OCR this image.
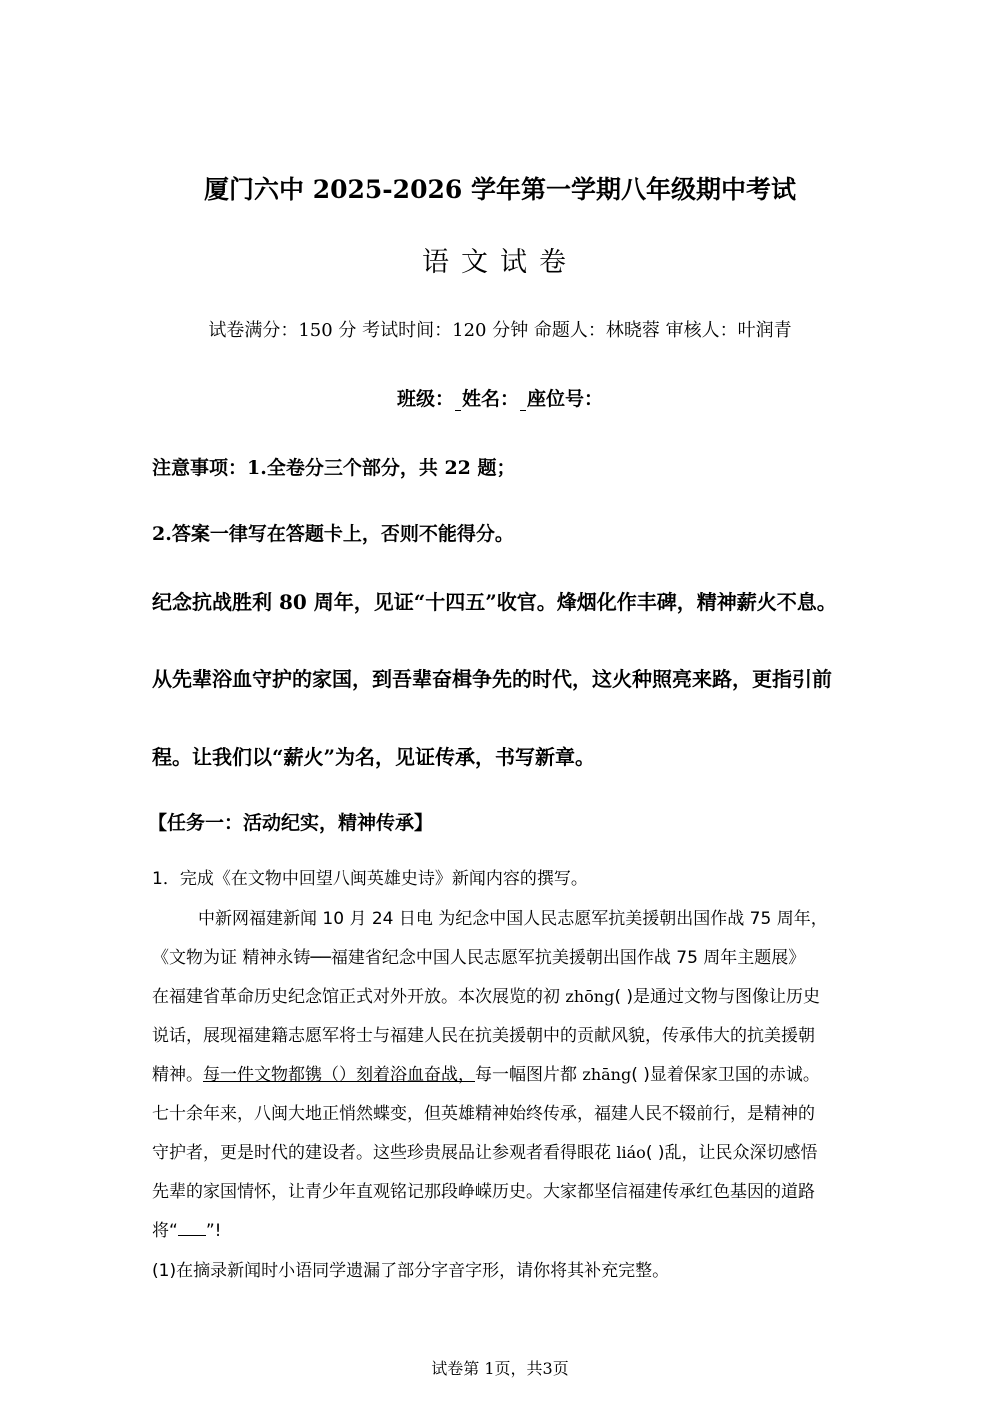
厦门六中 2025-2026 学年第一学期八年级期中考试
语文试卷
试卷满分：150 分 考试时间：120 分钟 命题人：林晓蓉 审核人：叶润青
班级： 姓名： 座位号：
注意事项：1.全卷分三个部分，共 22 题；
2.答案一律写在答题卡上，否则不能得分。
纪念抗战胜利 80 周年，见证“十四五”收官。烽烟化作丰碑，精神薪火不息。
从先辈浴血守护的家国，到吾辈奋楫争先的时代，这火种照亮来路，更指引前
程。让我们以“薪火”为名，见证传承，书写新章。
【任务一：活动纪实，精神传承】
1．完成《在文物中回望八闽英雄史诗》新闻内容的撰写。
中新网福建新闻 10 月 24 日电 为纪念中国人民志愿军抗美援朝出国作战 75 周年，
《文物为证 精神永铸──福建省纪念中国人民志愿军抗美援朝出国作战 75 周年主题展》
在福建省革命历史纪念馆正式对外开放。本次展览的初 zhōng( )是通过文物与图像让历史
说话，展现福建籍志愿军将士与福建人民在抗美援朝中的贡献风貌，传承伟大的抗美援朝
精神。每一件文物都镌（）刻着浴血奋战，每一幅图片都 zhāng( )显着保家卫国的赤诚。
七十余年来，八闽大地正悄然蝶变，但英雄精神始终传承，福建人民不辍前行，是精神的
守护者，更是时代的建设者。这些珍贵展品让参观者看得眼花 liáo( )乱，让民众深切感悟
先辈的家国情怀，让青少年直观铭记那段峥嵘历史。大家都坚信福建传承红色基因的道路
将“ ”!
(1)在摘录新闻时小语同学遗漏了部分字音字形，请你将其补充完整。
试卷第 1页，共3页
